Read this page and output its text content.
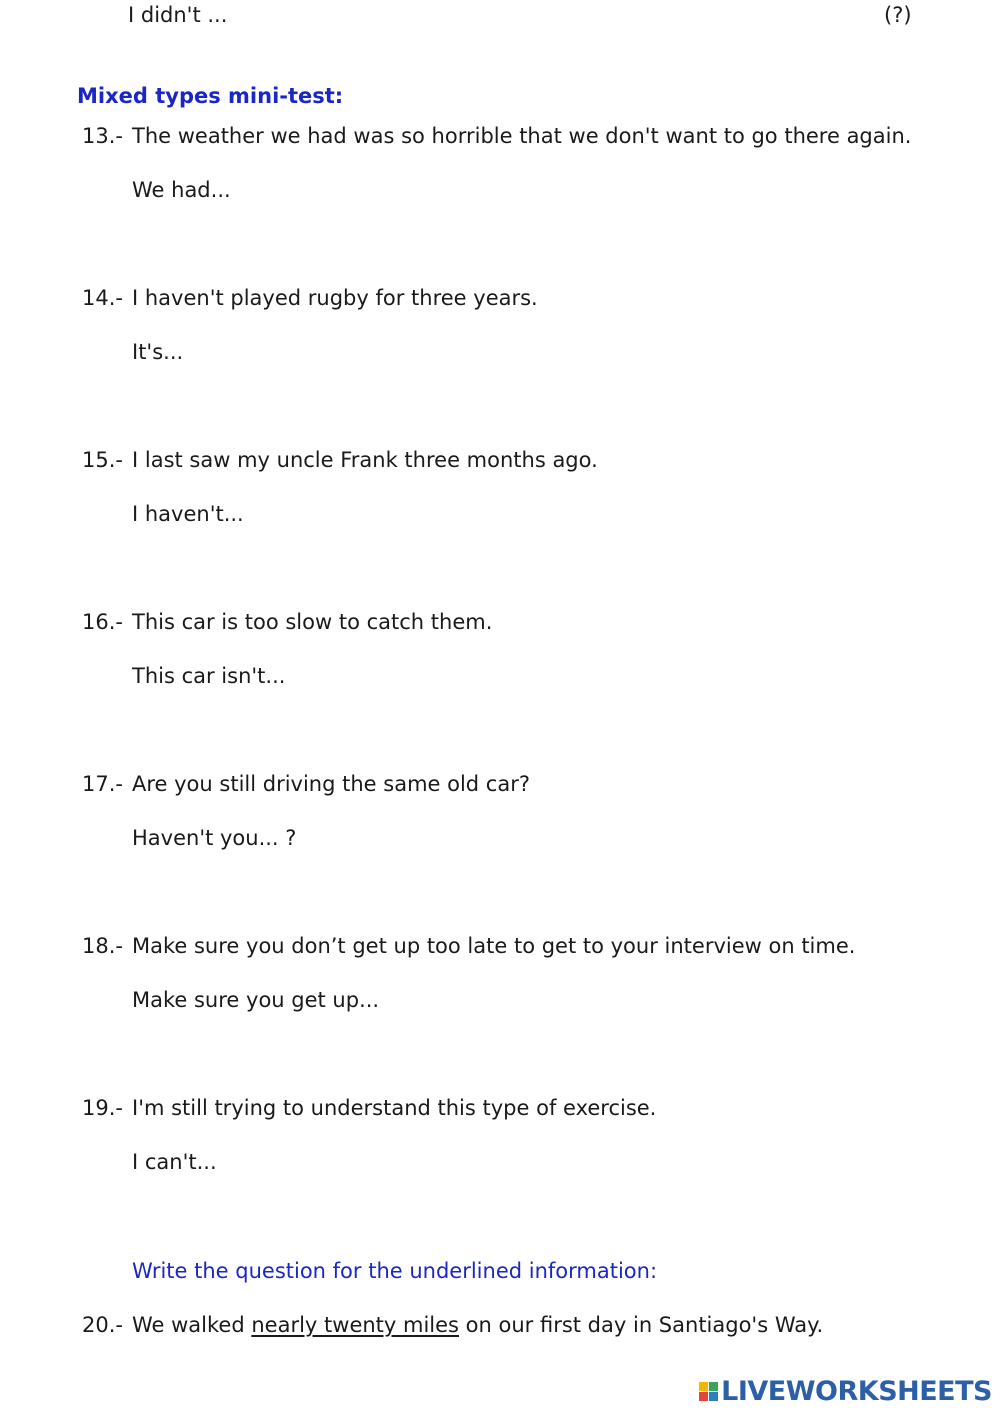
I didn't ...	(?)
Mixed types mini-test:
13.- The weather we had was so horrible that we don't want to go there again.
We had...
14.- I haven't played rugby for three years.
It's...
15.- I last saw my uncle Frank three months ago.
I haven't...
16.- This car is too slow to catch them.
This car isn't...
17.- Are you still driving the same old car?
Haven't you... ?
18.- Make sure you don’t get up too late to get to your interview on time.
Make sure you get up...
19.- I'm still trying to understand this type of exercise.
I can't...
Write the question for the underlined information:
20.- We walked nearly twenty miles on our first day in Santiago's Way.
LIVEWORKSHEETS
